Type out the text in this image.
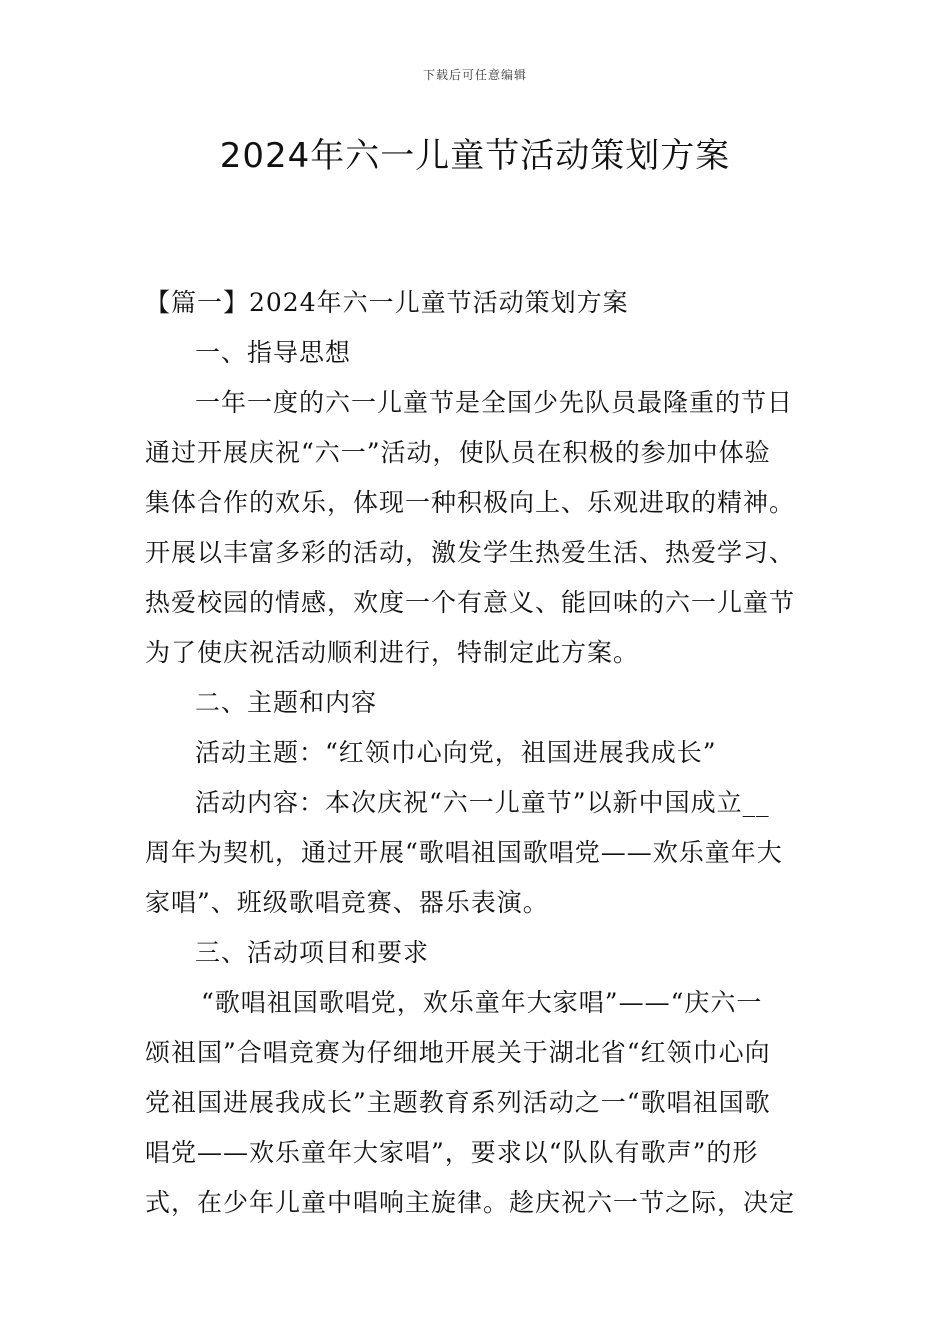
下载后可任意编辑
2024年六一儿童节活动策划方案
【篇一】2024年六一儿童节活动策划方案
一、指导思想
一年一度的六一儿童节是全国少先队员最隆重的节日
通过开展庆祝“六一”活动，使队员在积极的参加中体验
集体合作的欢乐，体现一种积极向上、乐观进取的精神。
开展以丰富多彩的活动，激发学生热爱生活、热爱学习、
热爱校园的情感，欢度一个有意义、能回味的六一儿童节
为了使庆祝活动顺利进行，特制定此方案。
二、主题和内容
活动主题：“红领巾心向党，祖国进展我成长”
活动内容：本次庆祝“六一儿童节”以新中国成立__
周年为契机，通过开展“歌唱祖国歌唱党——欢乐童年大
家唱”、班级歌唱竞赛、器乐表演。
三、活动项目和要求
“歌唱祖国歌唱党，欢乐童年大家唱”——“庆六一
颂祖国”合唱竞赛为仔细地开展关于湖北省“红领巾心向
党祖国进展我成长”主题教育系列活动之一“歌唱祖国歌
唱党——欢乐童年大家唱”，要求以“队队有歌声”的形
式，在少年儿童中唱响主旋律。趁庆祝六一节之际，决定
